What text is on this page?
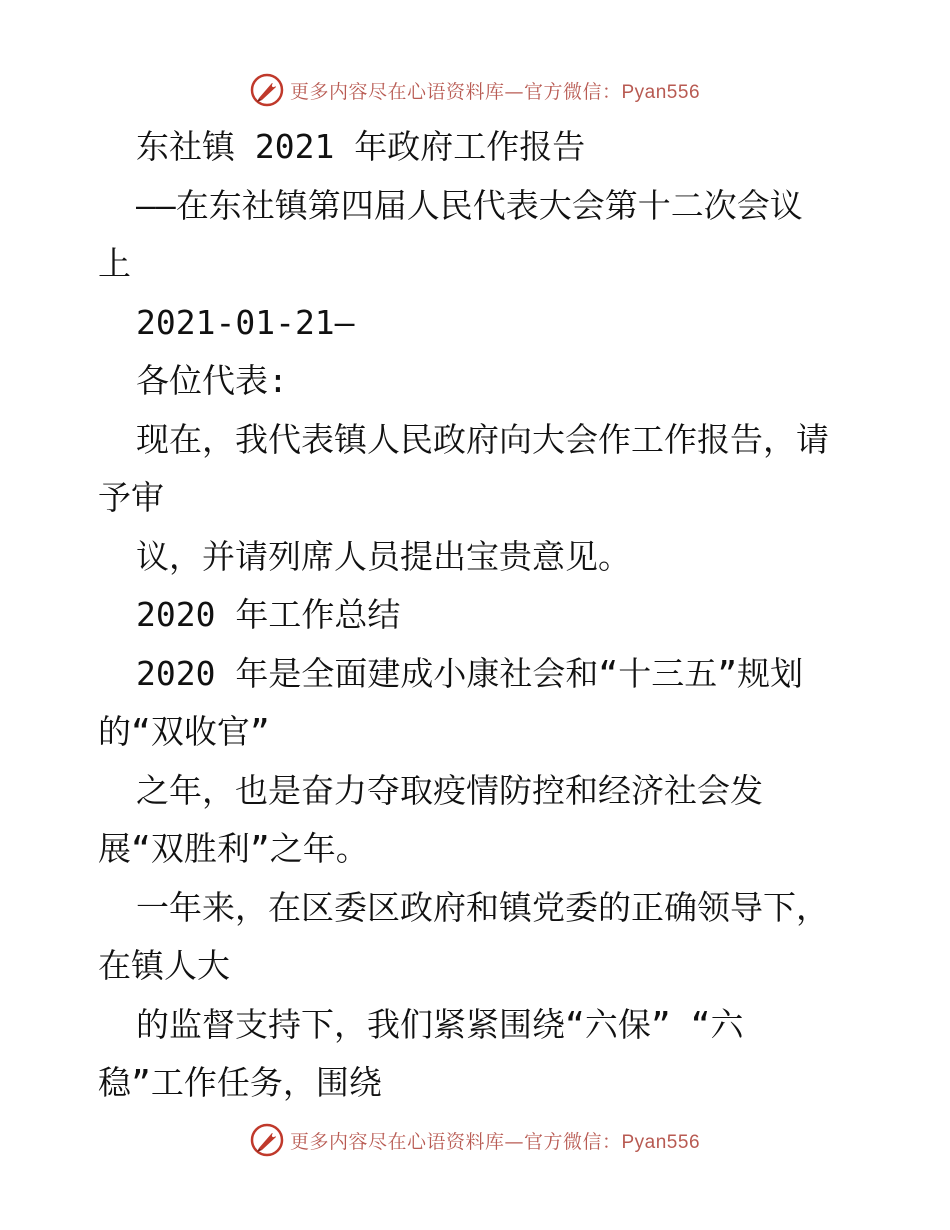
更多内容尽在心语资料库—官方微信：Pyan556
东社镇 2021 年政府工作报告
——在东社镇第四届人民代表大会第十二次会议
上
2021-01-21—
各位代表:
现在，我代表镇人民政府向大会作工作报告，请
予审
议，并请列席人员提出宝贵意见。
2020 年工作总结
2020 年是全面建成小康社会和“十三五”规划
的“双收官”
之年，也是奋力夺取疫情防控和经济社会发
展“双胜利”之年。
一年来，在区委区政府和镇党委的正确领导下，
在镇人大
的监督支持下，我们紧紧围绕“六保” “六
稳”工作任务，围绕
更多内容尽在心语资料库—官方微信：Pyan556
